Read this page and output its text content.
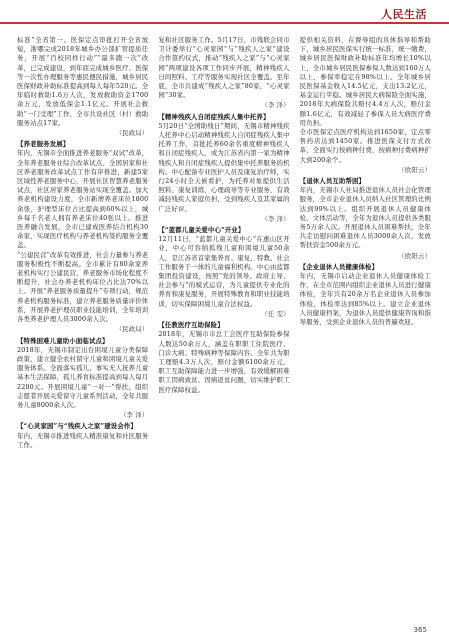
人民生活

标准”全省第一。医保定点审批打开全省放短，浙哪完成2018年城乡办公部扩管提质任务，开展“百校同样行动”“最多跑一次”改革，已完成建设，到年底完成城乡医疗、医保等一次性办理服务等惠民便民措施，城乡居民医保财政补助标准提高到每人每年520元。全年临时救助1.6万人次，发放救助资金1700余万元，发放低保金1.1亿元。开展社会救助“一门受理”工作，全市共设社区（村）救助服务站点17家。

（民政局）

【养老服务发展】

年内，无锡市全面推进养老服务“双试”改革，全年养老服务业综合改革试点、全国居家和社区养老服务改革试点工作有序推进，新建5家区域性养老服务中心，开展社区智慧养老服务试点，社区居家养老服务站实现全覆盖。加大养老机构建设力度，全市新增养老床位1800余张，护理型床位占比提高到60%以上，城乡每千名老人拥有养老床位40张以上。推进医养融合发展，全市已建成医养结合机构30余家，实现医疗机构与养老机构签约服务全覆盖。

“公建民营”改革有效推进，社会力量参与养老服务积极性不断提高。全市累计有80余家养老机构实行公建民营，养老服务市场化程度不断提升，社会办养老机构床位占比达70%以上。开展“养老服务质量提升”专项行动，规范养老机构服务标准，建立养老服务质量评价体系，开展养老护理员职业技能培训，全年培训各类养老护理人员3000余人次。

（民政局）

【特殊困难儿童助小面临试点】

2018年，无锡市制定出台困境儿童分类保障政策，建立健全农村留守儿童和困境儿童关爱服务体系。全面落实孤儿、事实无人抚养儿童基本生活保障，孤儿养育标准提高到每人每月2200元。开展困境儿童“一对一”帮扶，组织志愿者开展关爱留守儿童系列活动，全年共服务儿童8000余人次。

（李 泽）

【“心灵家园”与“残疾人之家”建设会作】

年内，无锡市推进残疾人精准康复和社区服务工作。

复和社区服务工作。5月17日，市残联会同市卫计委举行“心灵家园”与“残疾人之家”建设合作签约仪式，推动“残疾人之家”与“心灵家园”两项建设各项工作同步开展，精神残疾人日间照料、工疗等服务实现社区全覆盖。至年底，全市共建成“残疾人之家”80家，“心灵家园”30家。

（李 泽）

【精神残疾人自闭症残疾人集中托养】

5月20日“全国助残日”期间，无锡市精神残疾人托养中心启动精神残疾人自闭症残疾人集中托养工作，首批托养60余名重度精神残疾人和自闭症残疾人，成为江苏省内第一家为精神残疾人和自闭症残疾人提供集中托养服务的机构。中心配备专业医护人员及康复治疗师，实行24小时全天候看护，为托养对象提供生活照料、康复训练、心理疏导等专业服务，有效减轻残疾人家庭负担，受到残疾人及其家属的广泛好评。

（李 泽）

【“蓝都儿童关爱中心”开业】

12月11日，“蓝都儿童关爱中心”在惠山区开业，中心可容纳孤残儿童和困境儿童50余人，是江苏省首家集养育、康复、特教、社会工作服务于一体的儿童福利机构。中心由蓝都集团投资建设，按照“党的领导、政府主导、社会参与”的模式运营，为儿童提供专业化的养育和康复服务，开展特殊教育和职业技能培训，切实保障困境儿童合法权益。

（任 雯）

【任教医疗互助保险】

2018年，无锡市市总工会医疗互助保险参保人数达50余万人，涵盖在职职工住院医疗、门诊大病、特殊病种等保障内容。全年共为职工理赔4.3万人次，赔付金额6100余万元，职工互助保障能力进一步增强，有效缓解困难职工因病致贫、因病返贫问题，切实维护职工医疗保障权益。

提供相关资料，在督导组的具体指导和帮助下，城乡居民医保实行统一标准，统一缴费，城乡居民医保财政补助标准年均增长10%以上，全市城乡居民医保参保人数达到160万人以上，参保率稳定在98%以上。全年城乡居民医保基金收入14.5亿元，支出13.2亿元，基金运行平稳。城乡居民大病保险全面实施，2018年大病保险共赔付4.4万人次，赔付金额1.6亿元，有效减轻了参保人员大病医疗费用负担。

全市医保定点医疗机构达到1650家，定点零售药店达到1450家。推进医保支付方式改革，全面实行按病种付费，按病种付费病种扩大到200余个。

（欧阳云）

【退休人员互助帮困】

年内，无锡市人社局推进退休人员社会化管理服务，全市企业退休人员纳入社区管理的比例达到99%以上。组织开展退休人员健康体检、文体活动等，全年为退休人员提供各类服务5万余人次。开展退休人员困难帮扶，全年共走访慰问困难退休人员3000余人次，发放帮扶资金500余万元。

（欧阳云）

【企业退休人员健康体检】

年内，无锡市启动企业退休人员健康体检工作，在全市范围内组织企业退休人员进行健康体检，全年共有20余万名企业退休人员参加体检，体检率达到85%以上。建立企业退休人员健康档案，为退休人员提供健康咨询和指导服务，受到企业退休人员的普遍欢迎。

365
